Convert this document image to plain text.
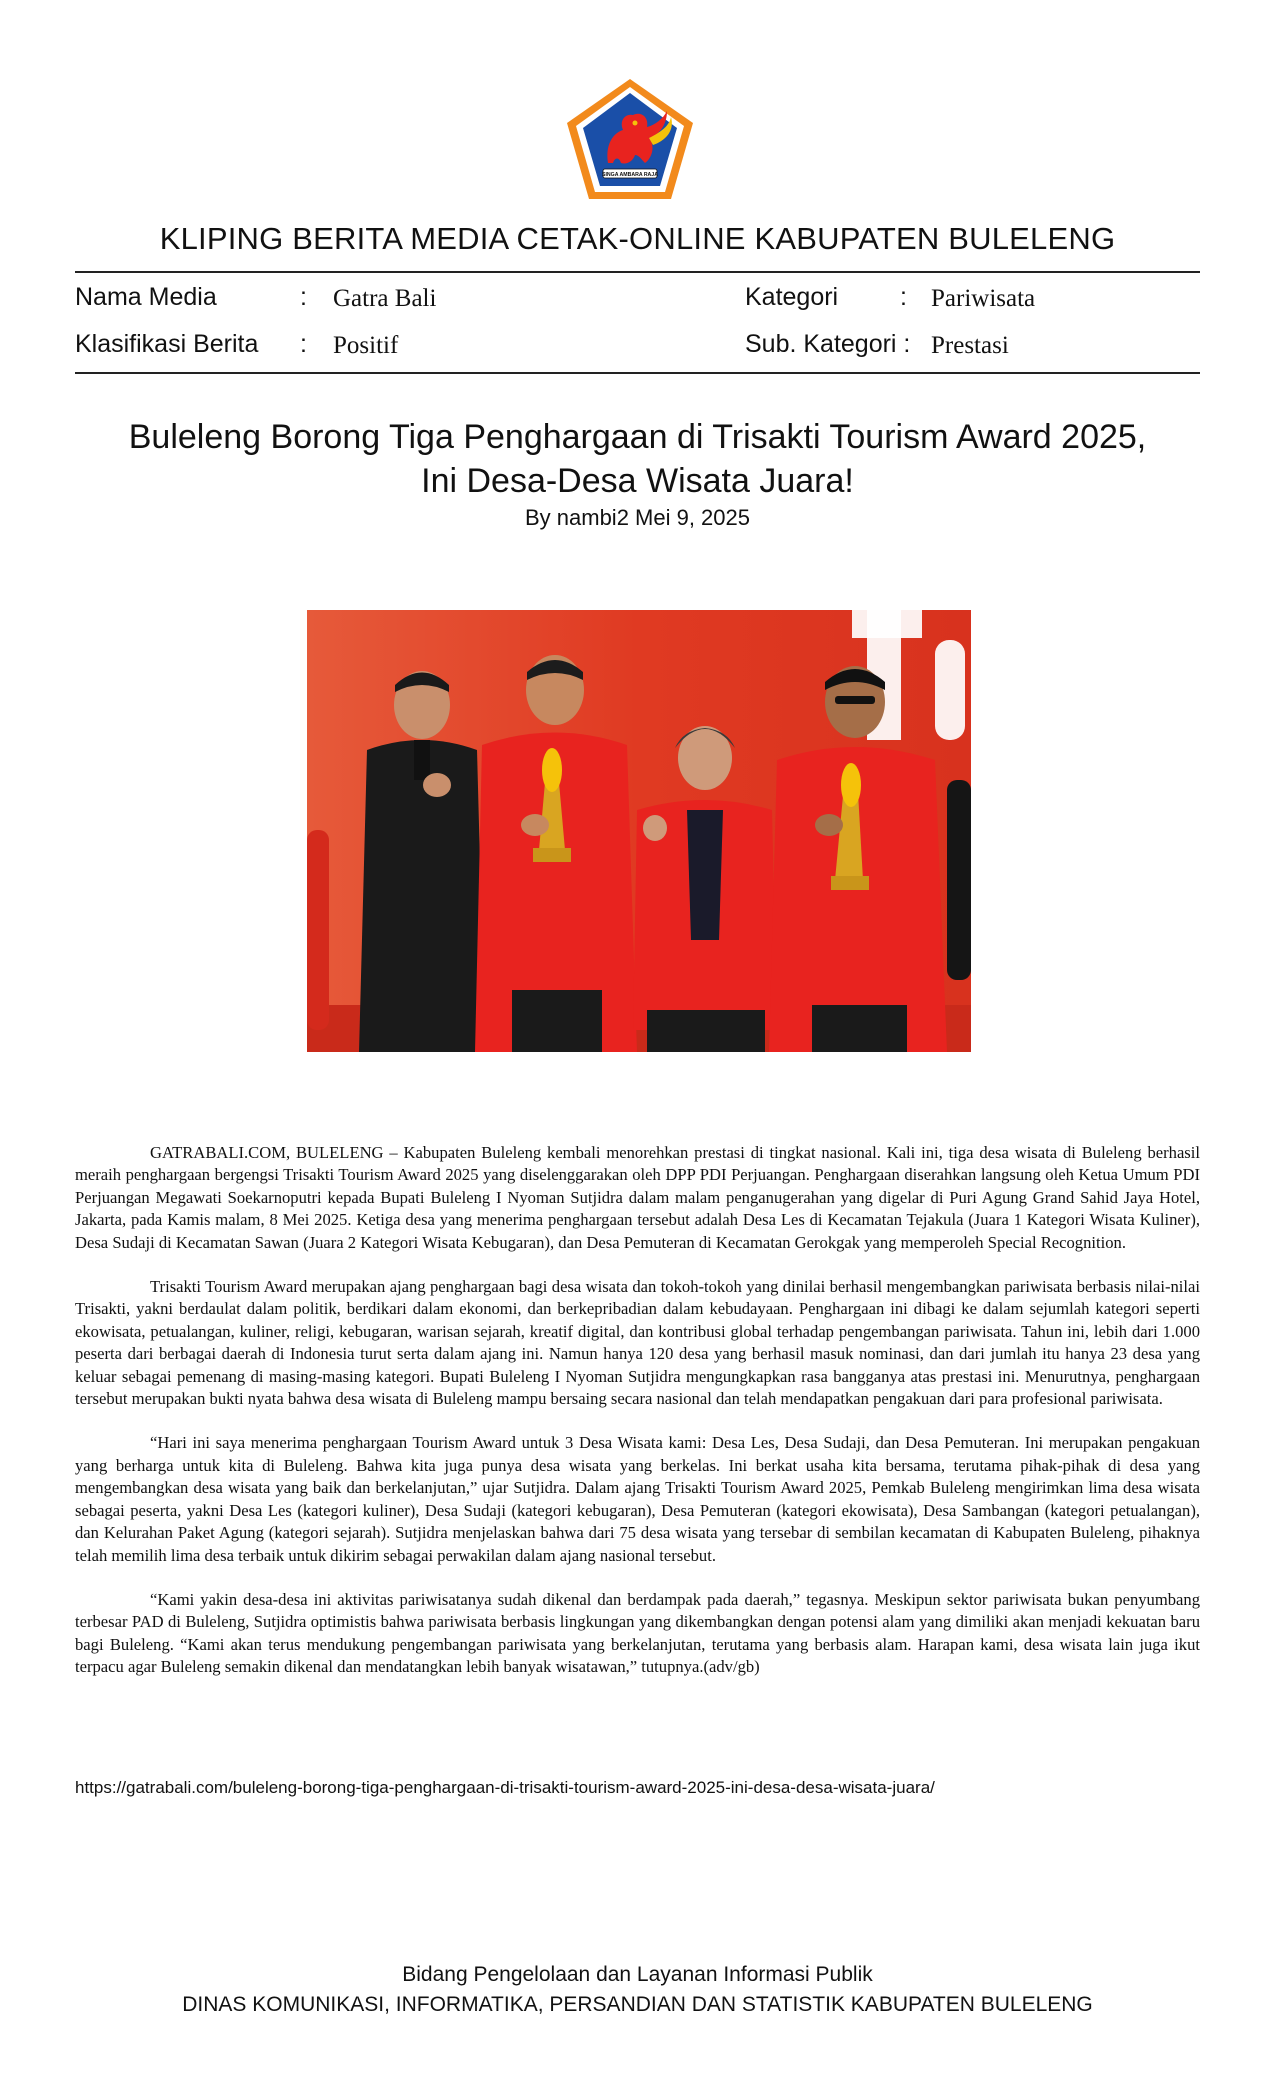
SINGA AMBARA RAJA
KLIPING BERITA MEDIA CETAK-ONLINE KABUPATEN BULELENG
Nama Media	: Gatra Bali
Klasifikasi Berita : Positif
Kategori : Pariwisata
Sub. Kategori : Prestasi
Buleleng Borong Tiga Penghargaan di Trisakti Tourism Award 2025,
Ini Desa-Desa Wisata Juara!
By nambi2 Mei 9, 2025

GATRABALI.COM, BULELENG – Kabupaten Buleleng kembali menorehkan prestasi di tingkat nasional. Kali ini, tiga desa wisata di Buleleng berhasil meraih penghargaan bergengsi Trisakti Tourism Award 2025 yang diselenggarakan oleh DPP PDI Perjuangan. Penghargaan diserahkan langsung oleh Ketua Umum PDI Perjuangan Megawati Soekarnoputri kepada Bupati Buleleng I Nyoman Sutjidra dalam malam penganugerahan yang digelar di Puri Agung Grand Sahid Jaya Hotel, Jakarta, pada Kamis malam, 8 Mei 2025. Ketiga desa yang menerima penghargaan tersebut adalah Desa Les di Kecamatan Tejakula (Juara 1 Kategori Wisata Kuliner), Desa Sudaji di Kecamatan Sawan (Juara 2 Kategori Wisata Kebugaran), dan Desa Pemuteran di Kecamatan Gerokgak yang memperoleh Special Recognition.

Trisakti Tourism Award merupakan ajang penghargaan bagi desa wisata dan tokoh-tokoh yang dinilai berhasil mengembangkan pariwisata berbasis nilai-nilai Trisakti, yakni berdaulat dalam politik, berdikari dalam ekonomi, dan berkepribadian dalam kebudayaan. Penghargaan ini dibagi ke dalam sejumlah kategori seperti ekowisata, petualangan, kuliner, religi, kebugaran, warisan sejarah, kreatif digital, dan kontribusi global terhadap pengembangan pariwisata. Tahun ini, lebih dari 1.000 peserta dari berbagai daerah di Indonesia turut serta dalam ajang ini. Namun hanya 120 desa yang berhasil masuk nominasi, dan dari jumlah itu hanya 23 desa yang keluar sebagai pemenang di masing-masing kategori. Bupati Buleleng I Nyoman Sutjidra mengungkapkan rasa bangganya atas prestasi ini. Menurutnya, penghargaan tersebut merupakan bukti nyata bahwa desa wisata di Buleleng mampu bersaing secara nasional dan telah mendapatkan pengakuan dari para profesional pariwisata.

“Hari ini saya menerima penghargaan Tourism Award untuk 3 Desa Wisata kami: Desa Les, Desa Sudaji, dan Desa Pemuteran. Ini merupakan pengakuan yang berharga untuk kita di Buleleng. Bahwa kita juga punya desa wisata yang berkelas. Ini berkat usaha kita bersama, terutama pihak-pihak di desa yang mengembangkan desa wisata yang baik dan berkelanjutan,” ujar Sutjidra. Dalam ajang Trisakti Tourism Award 2025, Pemkab Buleleng mengirimkan lima desa wisata sebagai peserta, yakni Desa Les (kategori kuliner), Desa Sudaji (kategori kebugaran), Desa Pemuteran (kategori ekowisata), Desa Sambangan (kategori petualangan), dan Kelurahan Paket Agung (kategori sejarah). Sutjidra menjelaskan bahwa dari 75 desa wisata yang tersebar di sembilan kecamatan di Kabupaten Buleleng, pihaknya telah memilih lima desa terbaik untuk dikirim sebagai perwakilan dalam ajang nasional tersebut.

“Kami yakin desa-desa ini aktivitas pariwisatanya sudah dikenal dan berdampak pada daerah,” tegasnya. Meskipun sektor pariwisata bukan penyumbang terbesar PAD di Buleleng, Sutjidra optimistis bahwa pariwisata berbasis lingkungan yang dikembangkan dengan potensi alam yang dimiliki akan menjadi kekuatan baru bagi Buleleng. “Kami akan terus mendukung pengembangan pariwisata yang berkelanjutan, terutama yang berbasis alam. Harapan kami, desa wisata lain juga ikut terpacu agar Buleleng semakin dikenal dan mendatangkan lebih banyak wisatawan,” tutupnya.(adv/gb)

https://gatrabali.com/buleleng-borong-tiga-penghargaan-di-trisakti-tourism-award-2025-ini-desa-desa-wisata-juara/
Bidang Pengelolaan dan Layanan Informasi Publik
DINAS KOMUNIKASI, INFORMATIKA, PERSANDIAN DAN STATISTIK KABUPATEN BULELENG
